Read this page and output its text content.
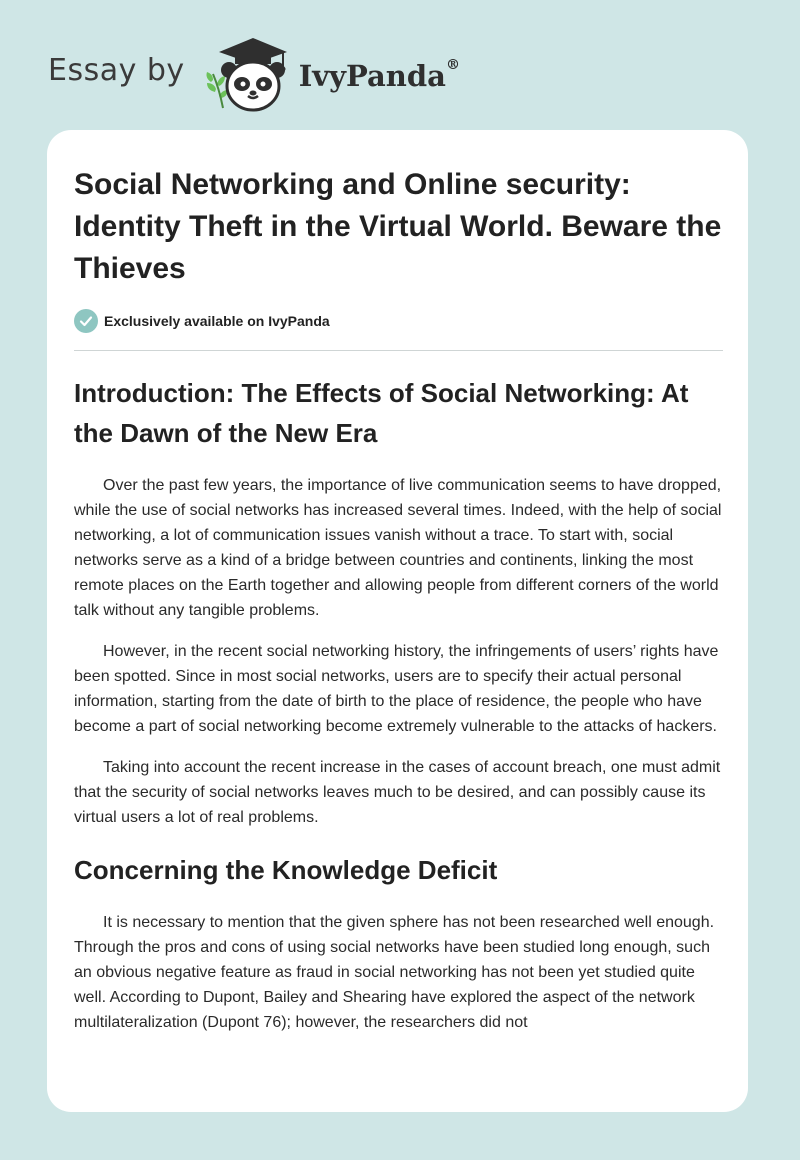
Essay by	IvyPanda®
Social Networking and Online security: Identity Theft in the Virtual World. Beware the Thieves
Exclusively available on IvyPanda
Introduction: The Effects of Social Networking: At the Dawn of the New Era

Over the past few years, the importance of live communication seems to have dropped, while the use of social networks has increased several times. Indeed, with the help of social networking, a lot of communication issues vanish without a trace. To start with, social networks serve as a kind of a bridge between countries and continents, linking the most remote places on the Earth together and allowing people from different corners of the world talk without any tangible problems.

However, in the recent social networking history, the infringements of users’ rights have been spotted. Since in most social networks, users are to specify their actual personal information, starting from the date of birth to the place of residence, the people who have become a part of social networking become extremely vulnerable to the attacks of hackers.

Taking into account the recent increase in the cases of account breach, one must admit that the security of social networks leaves much to be desired, and can possibly cause its virtual users a lot of real problems.

Concerning the Knowledge Deficit

It is necessary to mention that the given sphere has not been researched well enough. Through the pros and cons of using social networks have been studied long enough, such an obvious negative feature as fraud in social networking has not been yet studied quite well. According to Dupont, Bailey and Shearing have explored the aspect of the network multilateralization (Dupont 76); however, the researchers did not
